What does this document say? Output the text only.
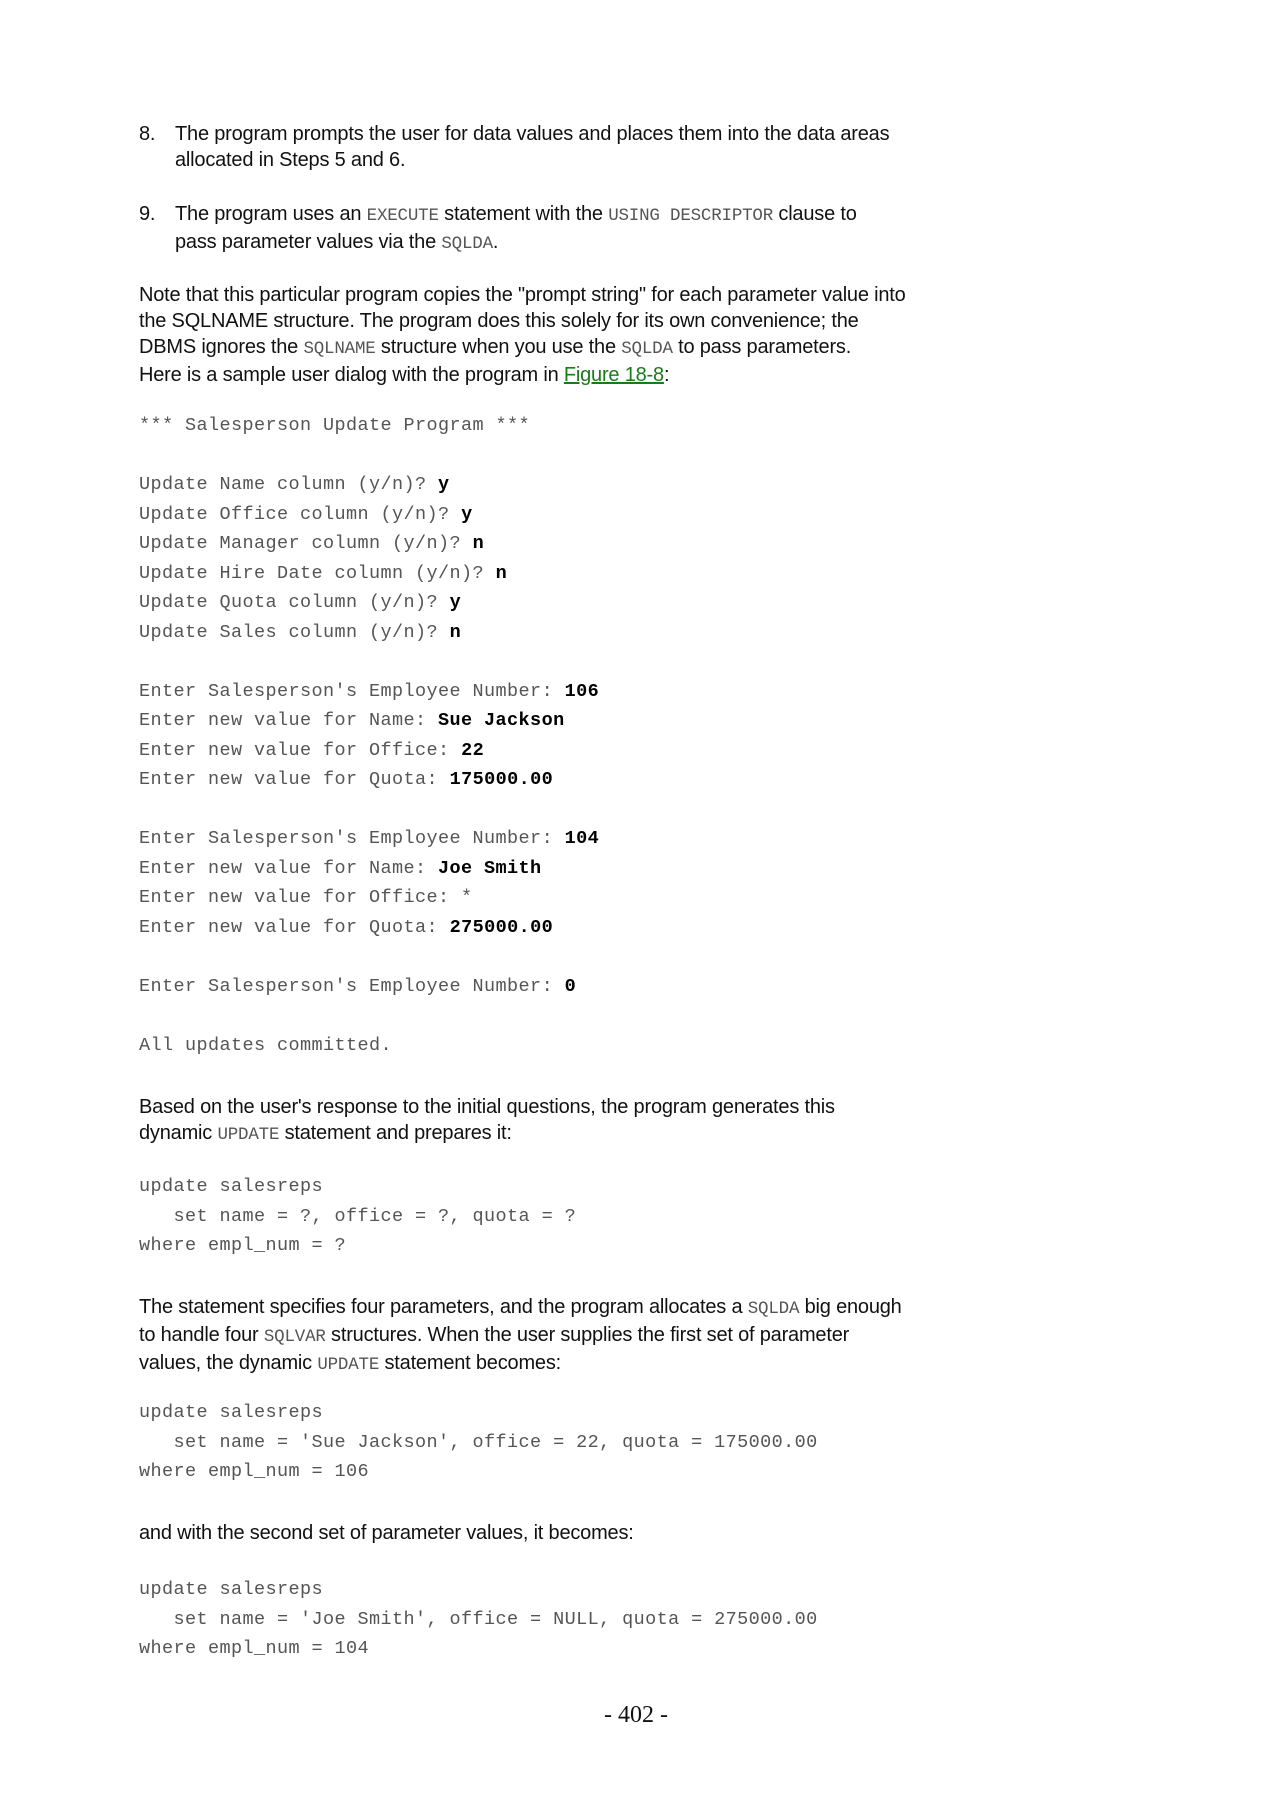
8. The program prompts the user for data values and places them into the data areas
allocated in Steps 5 and 6.
9. The program uses an EXECUTE statement with the USING DESCRIPTOR clause to
pass parameter values via the SQLDA.
Note that this particular program copies the "prompt string" for each parameter value into
the SQLNAME structure. The program does this solely for its own convenience; the
DBMS ignores the SQLNAME structure when you use the SQLDA to pass parameters.
Here is a sample user dialog with the program in Figure 18-8:
*** Salesperson Update Program ***
Update Name column (y/n)? y
Update Office column (y/n)? y
Update Manager column (y/n)? n
Update Hire Date column (y/n)? n
Update Quota column (y/n)? y
Update Sales column (y/n)? n
Enter Salesperson's Employee Number: 106
Enter new value for Name: Sue Jackson
Enter new value for Office: 22
Enter new value for Quota: 175000.00
Enter Salesperson's Employee Number: 104
Enter new value for Name: Joe Smith
Enter new value for Office: *
Enter new value for Quota: 275000.00
Enter Salesperson's Employee Number: 0
All updates committed.
Based on the user's response to the initial questions, the program generates this
dynamic UPDATE statement and prepares it:
update salesreps
set name = ?, office = ?, quota = ?
where empl_num = ?
The statement specifies four parameters, and the program allocates a SQLDA big enough
to handle four SQLVAR structures. When the user supplies the first set of parameter
values, the dynamic UPDATE statement becomes:
update salesreps
set name = 'Sue Jackson', office = 22, quota = 175000.00
where empl_num = 106
and with the second set of parameter values, it becomes:
update salesreps
set name = 'Joe Smith', office = NULL, quota = 275000.00
where empl_num = 104
- 402 -
